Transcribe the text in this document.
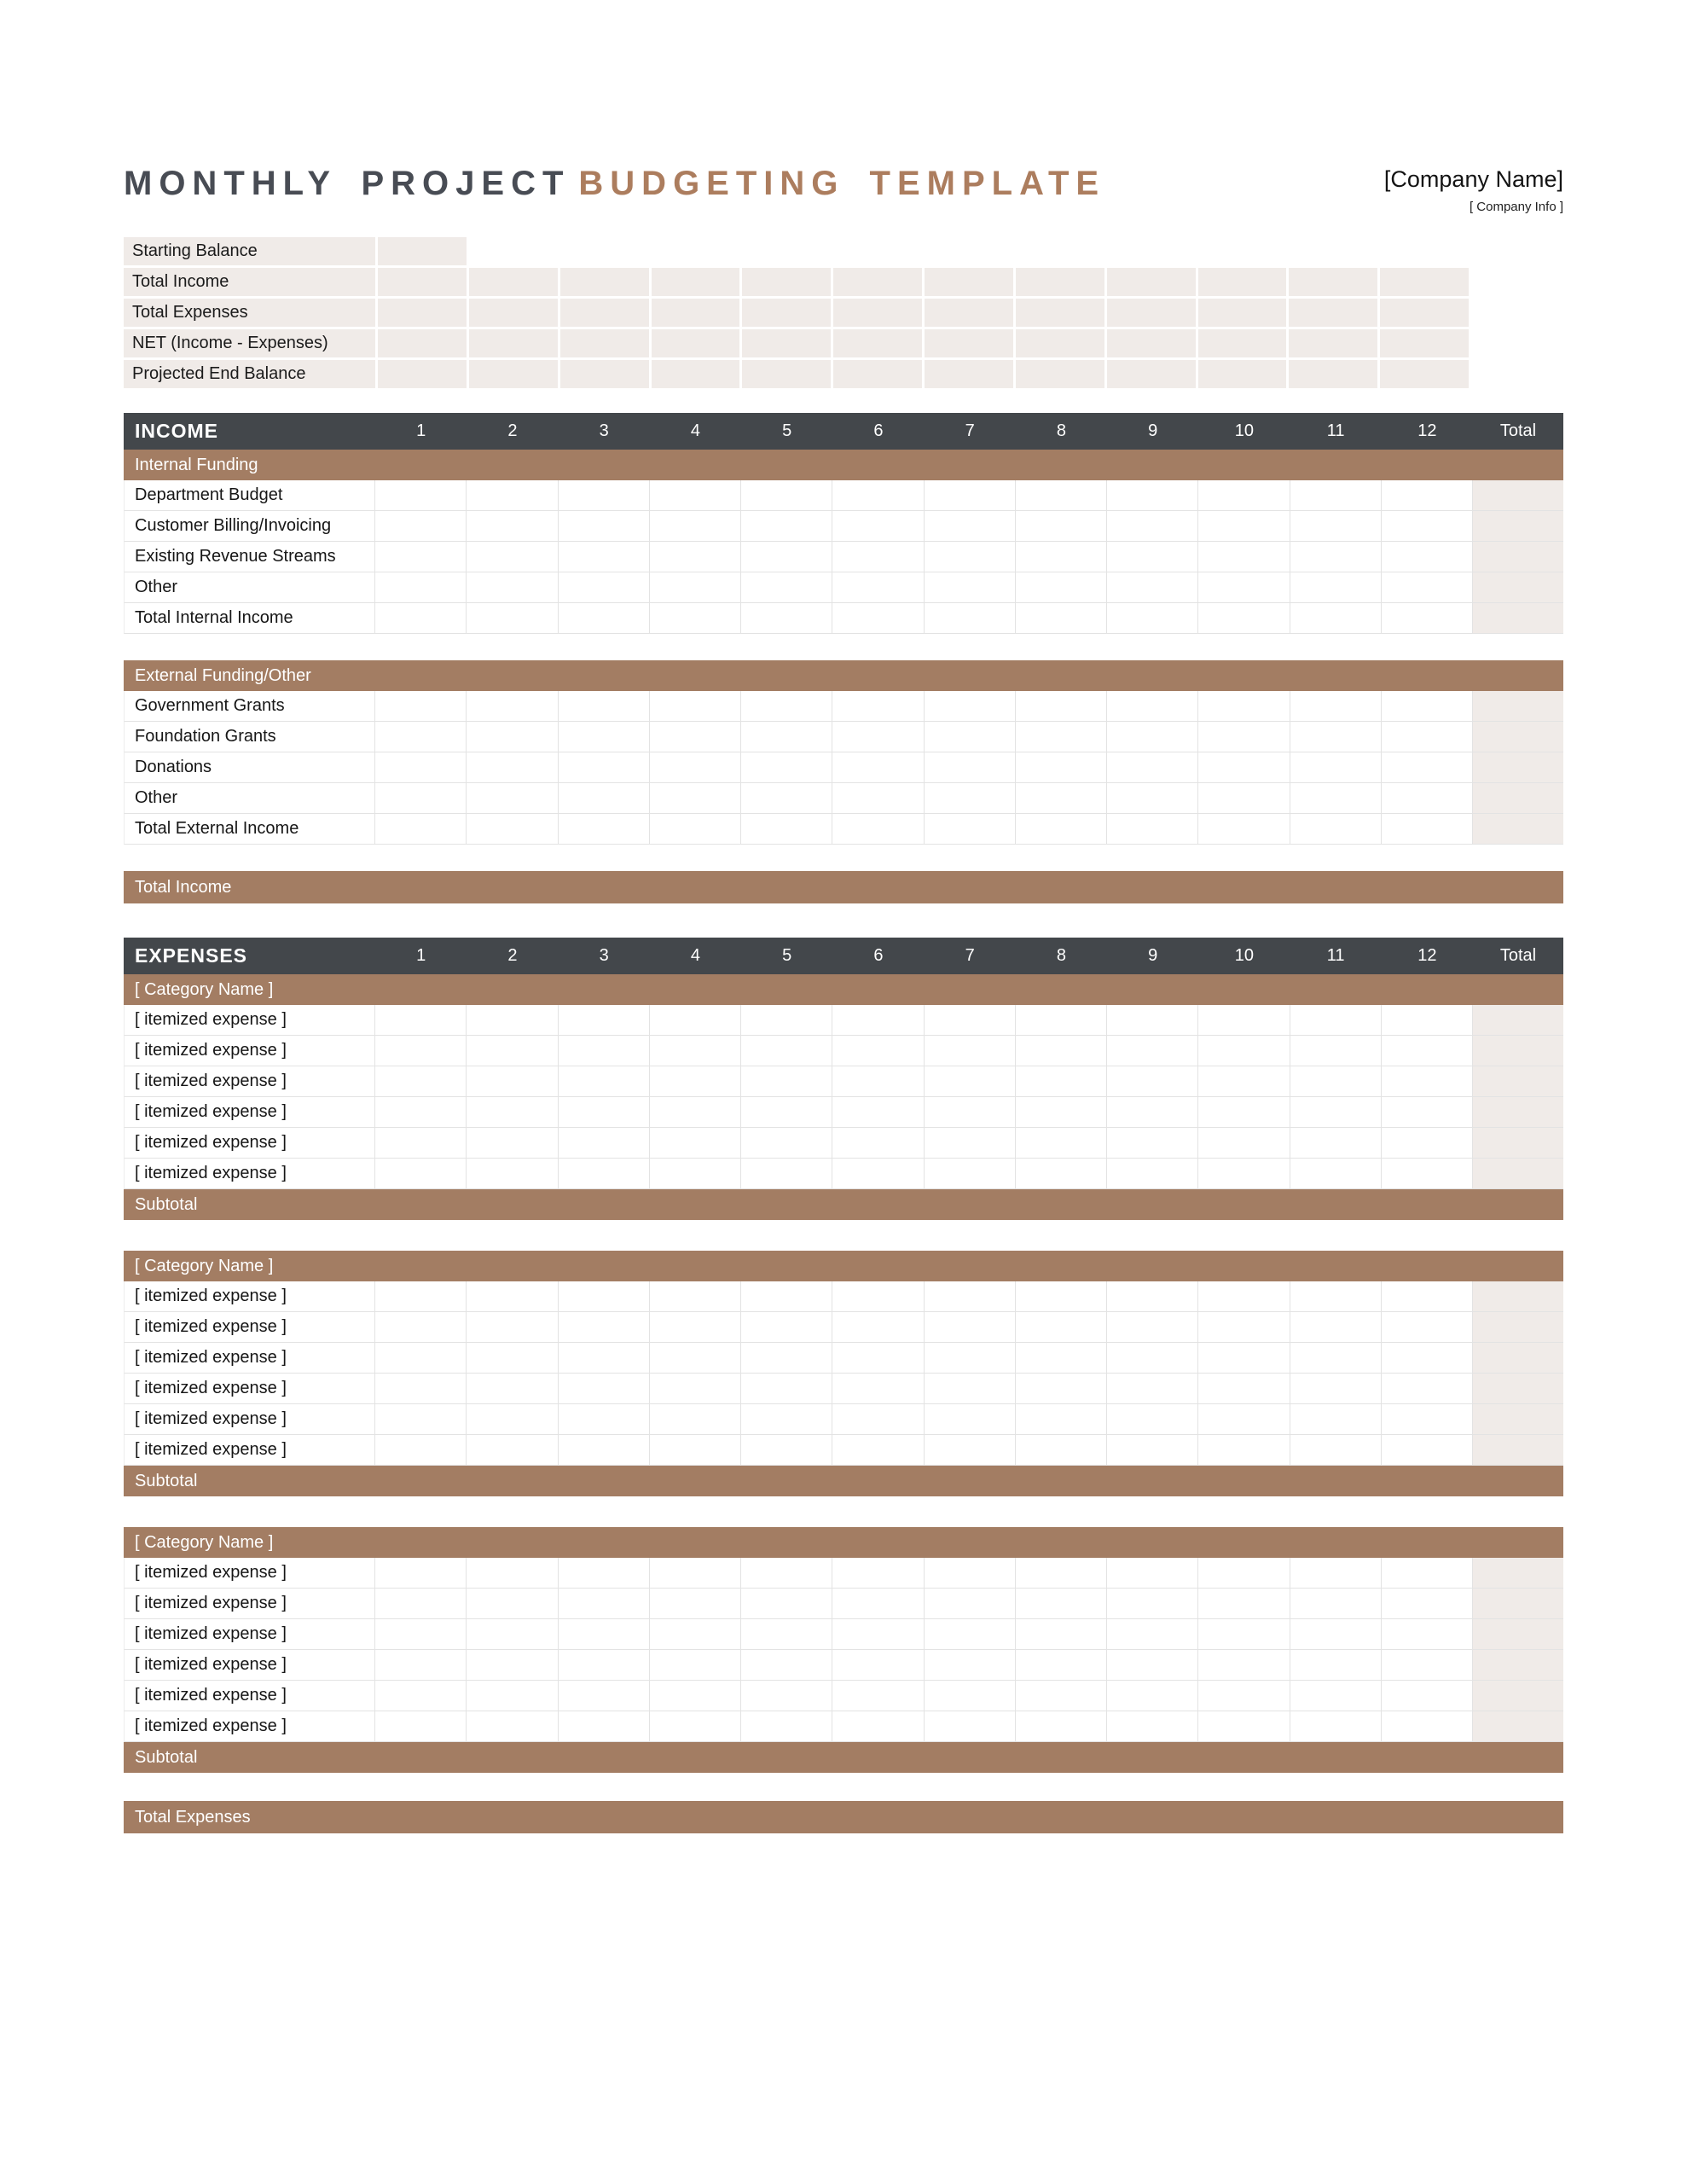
MONTHLY PROJECT BUDGETING TEMPLATE	[Company Name]
[ Company Info ]
Starting Balance
Total Income
Total Expenses
NET (Income - Expenses)
Projected End Balance
INCOME	1	2	3	4	5	6	7	8	9	10	11	12	Total
Internal Funding
Department Budget
Customer Billing/Invoicing
Existing Revenue Streams
Other
Total Internal Income
External Funding/Other
Government Grants
Foundation Grants
Donations
Other
Total External Income
Total Income
EXPENSES	1	2	3	4	5	6	7	8	9	10	11	12	Total
[ Category Name ]
[ itemized expense ]
[ itemized expense ]
[ itemized expense ]
[ itemized expense ]
[ itemized expense ]
[ itemized expense ]
Subtotal
[ Category Name ]
[ itemized expense ]
[ itemized expense ]
[ itemized expense ]
[ itemized expense ]
[ itemized expense ]
[ itemized expense ]
Subtotal
[ Category Name ]
[ itemized expense ]
[ itemized expense ]
[ itemized expense ]
[ itemized expense ]
[ itemized expense ]
[ itemized expense ]
Subtotal
Total Expenses
